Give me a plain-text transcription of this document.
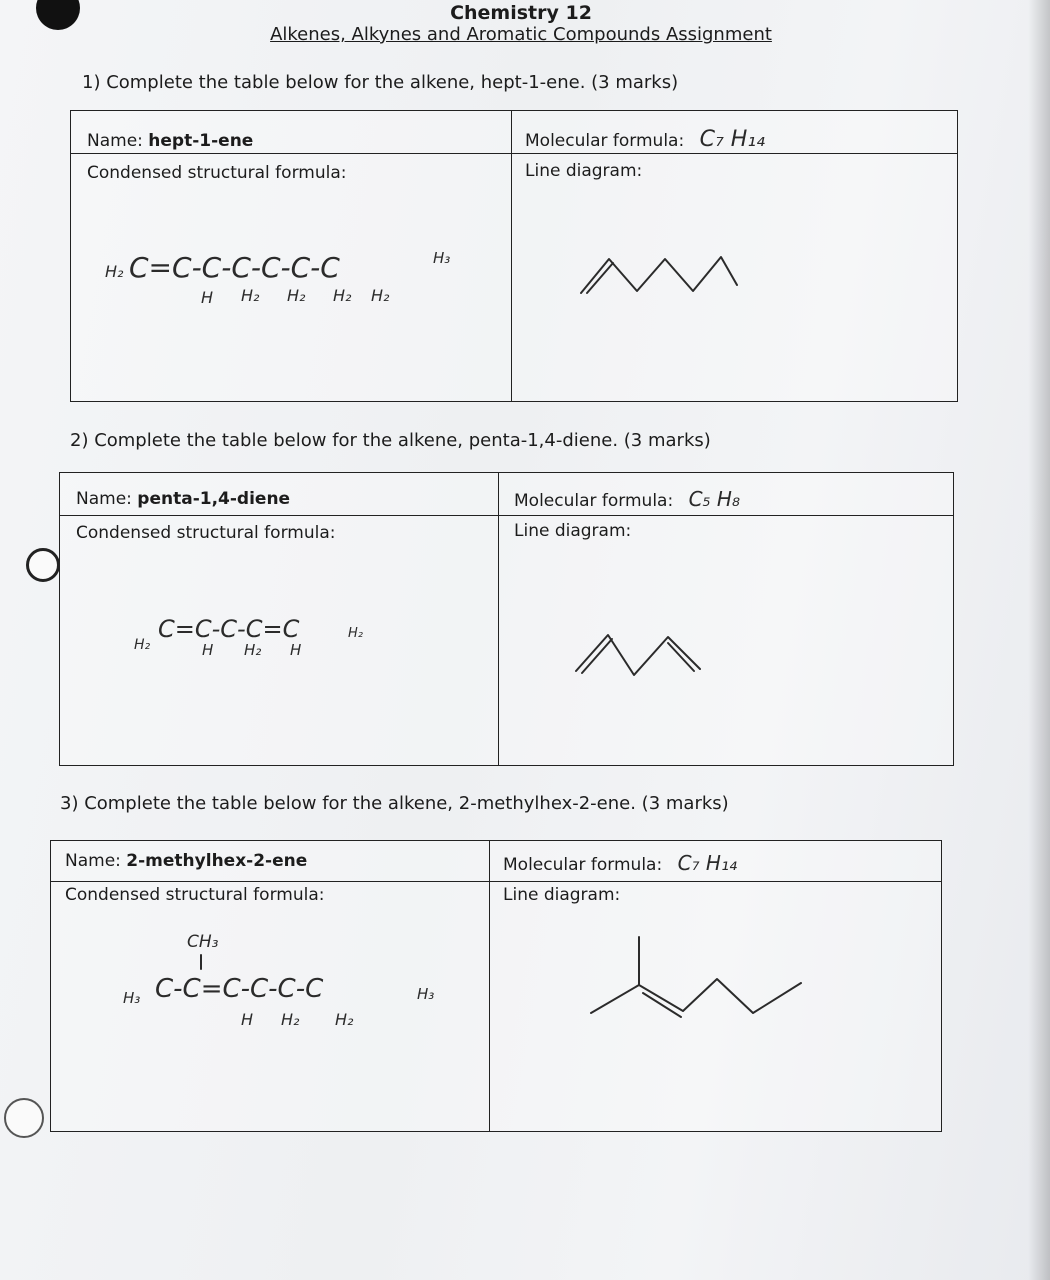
Chemistry 12
Alkenes, Alkynes and Aromatic Compounds Assignment
1) Complete the table below for the alkene, hept-1-ene. (3 marks)
Name: hept-1-ene	Molecular formula: C₇ H₁₄
Condensed structural formula:	Line diagram:
H₂ C=C-C-C-C-C-C	H₃
H H₂ H₂ H₂ H₂
2) Complete the table below for the alkene, penta-1,4-diene. (3 marks)
Name: penta-1,4-diene	Molecular formula: C₅ H₈
Condensed structural formula:	Line diagram:
H₂
C=C-C-C=C	H₂
H H₂ H
3) Complete the table below for the alkene, 2-methylhex-2-ene. (3 marks)
Name: 2-methylhex-2-ene	Molecular formula: C₇ H₁₄
Condensed structural formula:	Line diagram:
CH₃
H₃ C-C=C-C-C-C	H₃
H H₂ H₂
